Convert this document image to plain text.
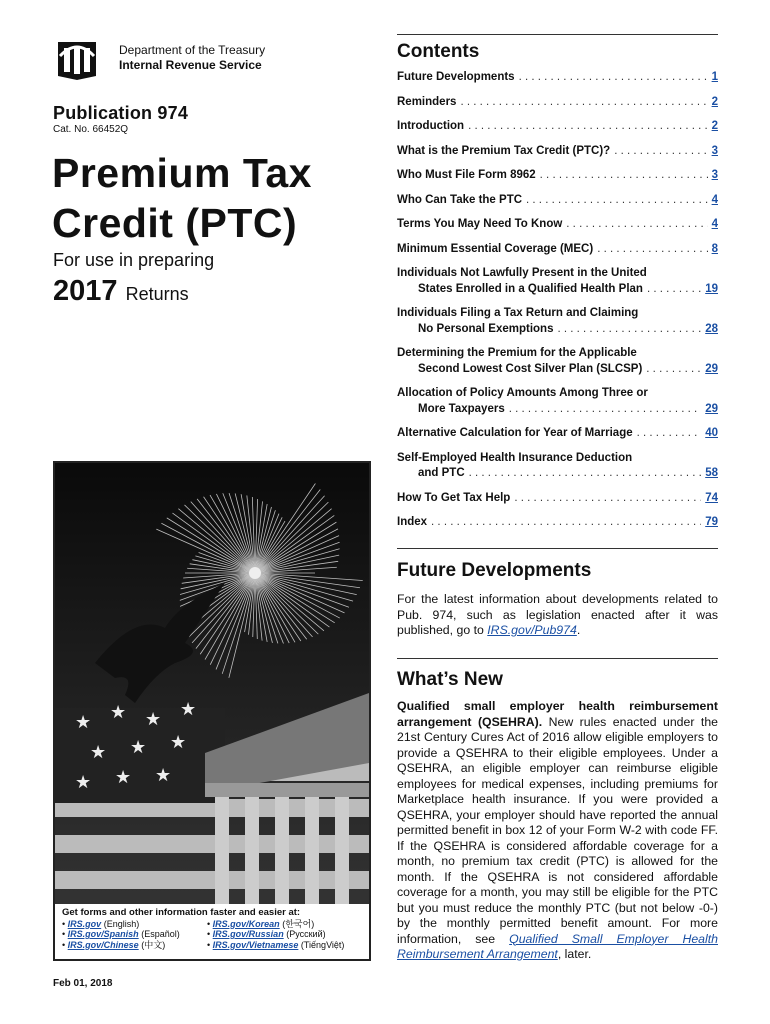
Department of the Treasury
Internal Revenue Service
Publication 974
Cat. No. 66452Q
Premium Tax
Credit (PTC)
For use in preparing
2017 Returns
★ ★ ★ ★
★ ★ ★
★ ★ ★
Get forms and other information faster and easier at:
• IRS.gov (English)
• IRS.gov/Spanish (Español)
• IRS.gov/Chinese (中文)
• IRS.gov/Korean (한국어)
• IRS.gov/Russian (Русский)
• IRS.gov/Vietnamese (TiếngViệt)
Feb 01, 2018
Contents
Future Developments . . .	1
Reminders . . .	2
Introduction . . .	2
What is the Premium Tax Credit (PTC)? . . .	3
Who Must File Form 8962 . . .	3
Who Can Take the PTC . . .	4
Terms You May Need To Know . . .	4
Minimum Essential Coverage (MEC) . . .	8
Individuals Not Lawfully Present in the United
States Enrolled in a Qualified Health Plan . . .	19
Individuals Filing a Tax Return and Claiming
No Personal Exemptions . . .	28
Determining the Premium for the Applicable
Second Lowest Cost Silver Plan (SLCSP) . . .	29
Allocation of Policy Amounts Among Three or
More Taxpayers . . .	29
Alternative Calculation for Year of Marriage . . .	40
Self-Employed Health Insurance Deduction
and PTC . . .	58
How To Get Tax Help . . .	74
Index . . .	79
Future Developments
For the latest information about developments related to Pub. 974, such as legislation enacted after it was published, go to IRS.gov/Pub974.
What’s New
Qualified small employer health reimbursement arrangement (QSEHRA). New rules enacted under the 21st Century Cures Act of 2016 allow eligible employers to provide a QSEHRA to their eligible employees. Under a QSEHRA, an eligible employer can reimburse eligible employees for medical expenses, including premiums for Marketplace health insurance. If you were provided a QSEHRA, your employer should have reported the annual permitted benefit in box 12 of your Form W-2 with code FF. If the QSEHRA is considered affordable coverage for a month, no premium tax credit (PTC) is allowed for the month. If the QSEHRA is not considered affordable coverage for a month, you may still be eligible for the PTC but you must reduce the monthly PTC (but not below -0-) by the monthly permitted benefit amount. For more information, see Qualified Small Employer Health Reimbursement Arrangement, later.
